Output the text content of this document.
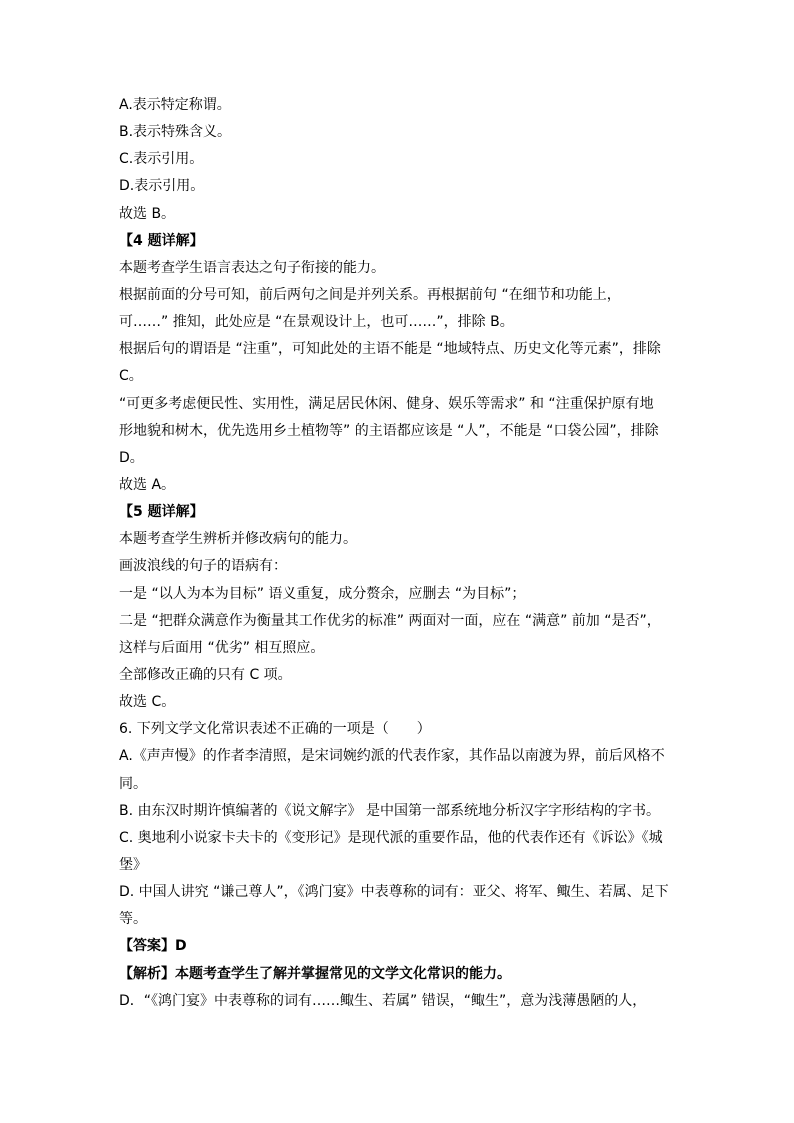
A.表示特定称谓。
B.表示特殊含义。
C.表示引用。
D.表示引用。
故选 B。
【4 题详解】
本题考查学生语言表达之句子衔接的能力。
根据前面的分号可知，前后两句之间是并列关系。再根据前句 “在细节和功能上，
可……” 推知，此处应是 “在景观设计上，也可……”，排除 B。
根据后句的谓语是 “注重”，可知此处的主语不能是 “地域特点、历史文化等元素”，排除
C。
“可更多考虑便民性、实用性，满足居民休闲、健身、娱乐等需求” 和 “注重保护原有地
形地貌和树木，优先选用乡土植物等” 的主语都应该是 “人”，不能是 “口袋公园”，排除
D。
故选 A。
【5 题详解】
本题考查学生辨析并修改病句的能力。
画波浪线的句子的语病有：
一是 “以人为本为目标” 语义重复，成分赘余，应删去 “为目标”；
二是 “把群众满意作为衡量其工作优劣的标准” 两面对一面，应在 “满意” 前加 “是否”，
这样与后面用 “优劣” 相互照应。
全部修改正确的只有 C 项。
故选 C。
6. 下列文学文化常识表述不正确的一项是（　　）
A.《声声慢》的作者李清照，是宋词婉约派的代表作家，其作品以南渡为界，前后风格不
同。
B. 由东汉时期许慎编著的《说文解字》 是中国第一部系统地分析汉字字形结构的字书。
C. 奥地利小说家卡夫卡的《变形记》是现代派的重要作品，他的代表作还有《诉讼》《城
堡》
D. 中国人讲究 “谦己尊人”，《鸿门宴》中表尊称的词有：亚父、将军、鲰生、若属、足下
等。
【答案】D
【解析】本题考查学生了解并掌握常见的文学文化常识的能力。
D．“《鸿门宴》中表尊称的词有……鲰生、若属” 错误，“鲰生”，意为浅薄愚陋的人，
